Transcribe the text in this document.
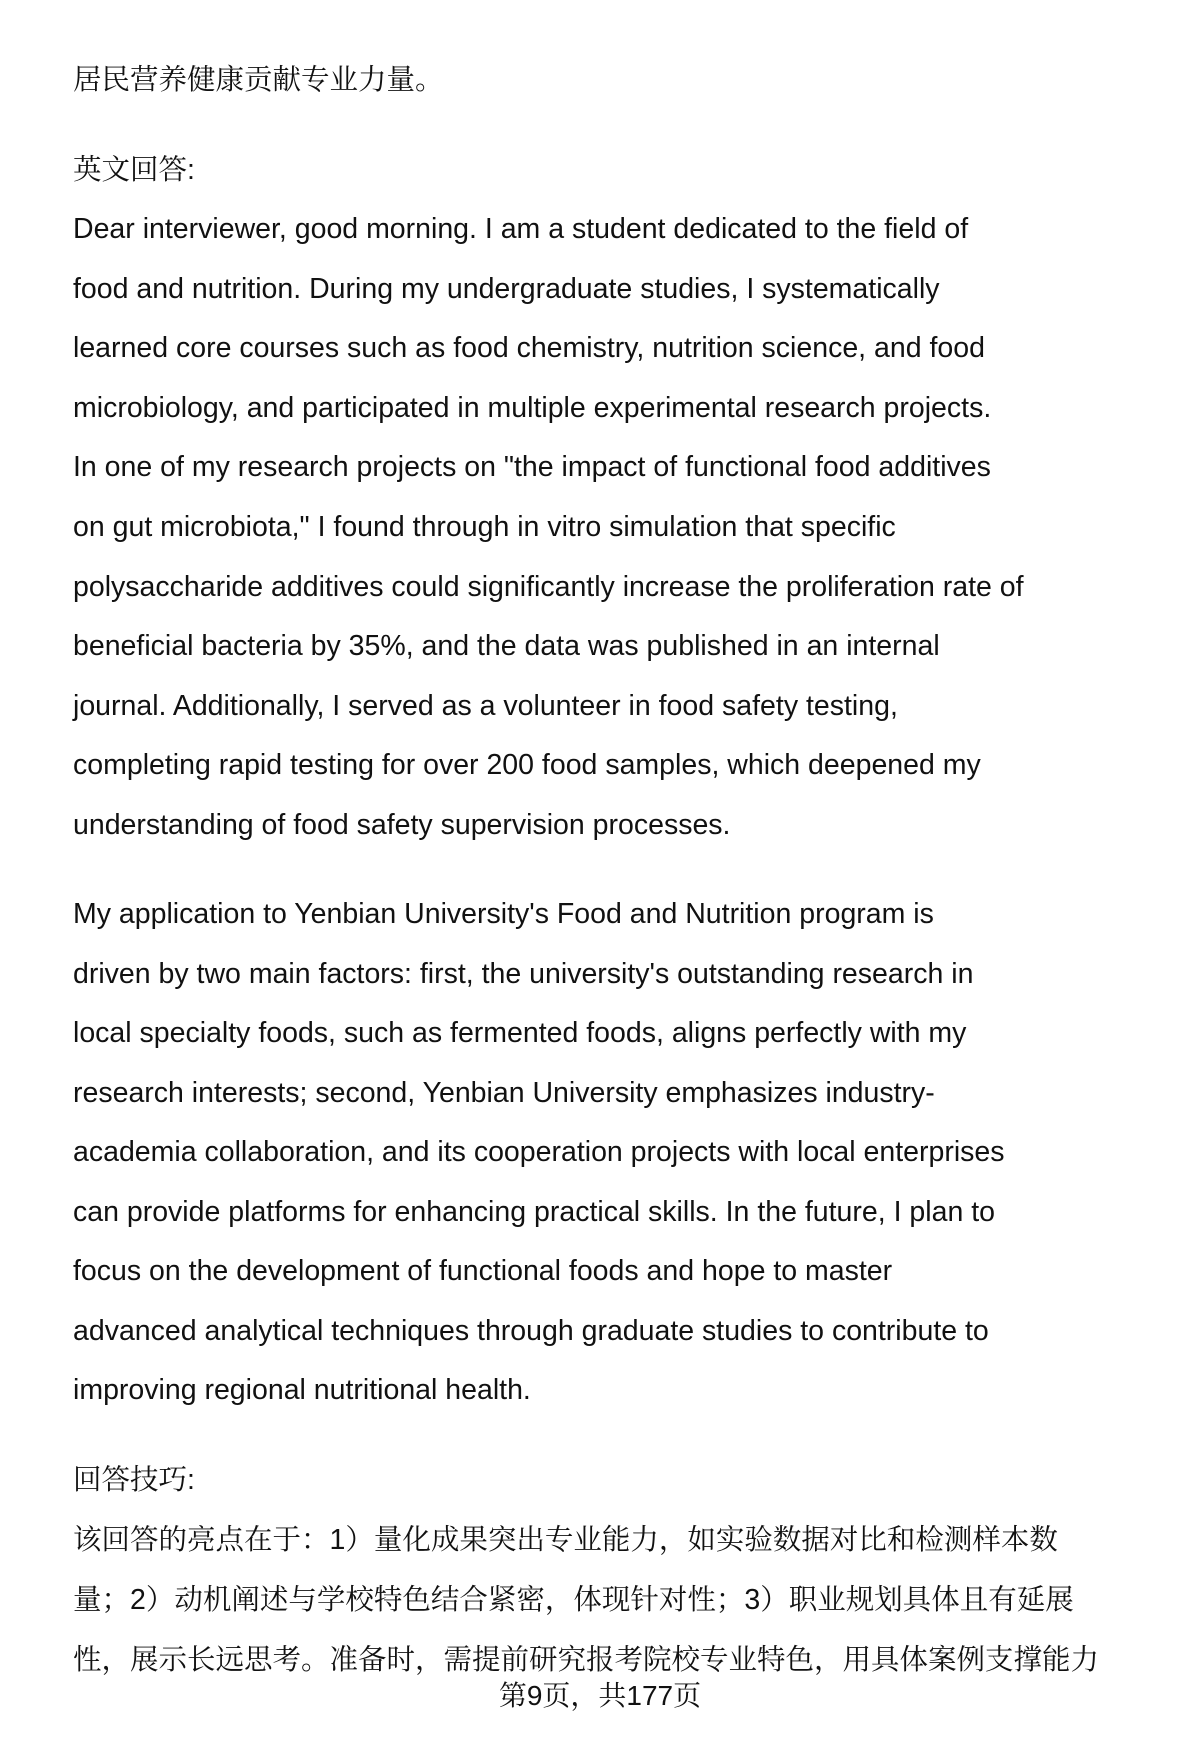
居民营养健康贡献专业力量。
英文回答:
Dear interviewer, good morning. I am a student dedicated to the field of
food and nutrition. During my undergraduate studies, I systematically
learned core courses such as food chemistry, nutrition science, and food
microbiology, and participated in multiple experimental research projects.
In one of my research projects on "the impact of functional food additives
on gut microbiota," I found through in vitro simulation that specific
polysaccharide additives could significantly increase the proliferation rate of
beneficial bacteria by 35%, and the data was published in an internal
journal. Additionally, I served as a volunteer in food safety testing,
completing rapid testing for over 200 food samples, which deepened my
understanding of food safety supervision processes.
My application to Yenbian University's Food and Nutrition program is
driven by two main factors: first, the university's outstanding research in
local specialty foods, such as fermented foods, aligns perfectly with my
research interests; second, Yenbian University emphasizes industry-
academia collaboration, and its cooperation projects with local enterprises
can provide platforms for enhancing practical skills. In the future, I plan to
focus on the development of functional foods and hope to master
advanced analytical techniques through graduate studies to contribute to
improving regional nutritional health.
回答技巧:
该回答的亮点在于：1）量化成果突出专业能力，如实验数据对比和检测样本数
量；2）动机阐述与学校特色结合紧密，体现针对性；3）职业规划具体且有延展
性，展示长远思考。准备时，需提前研究报考院校专业特色，用具体案例支撑能力
第9页，共177页
